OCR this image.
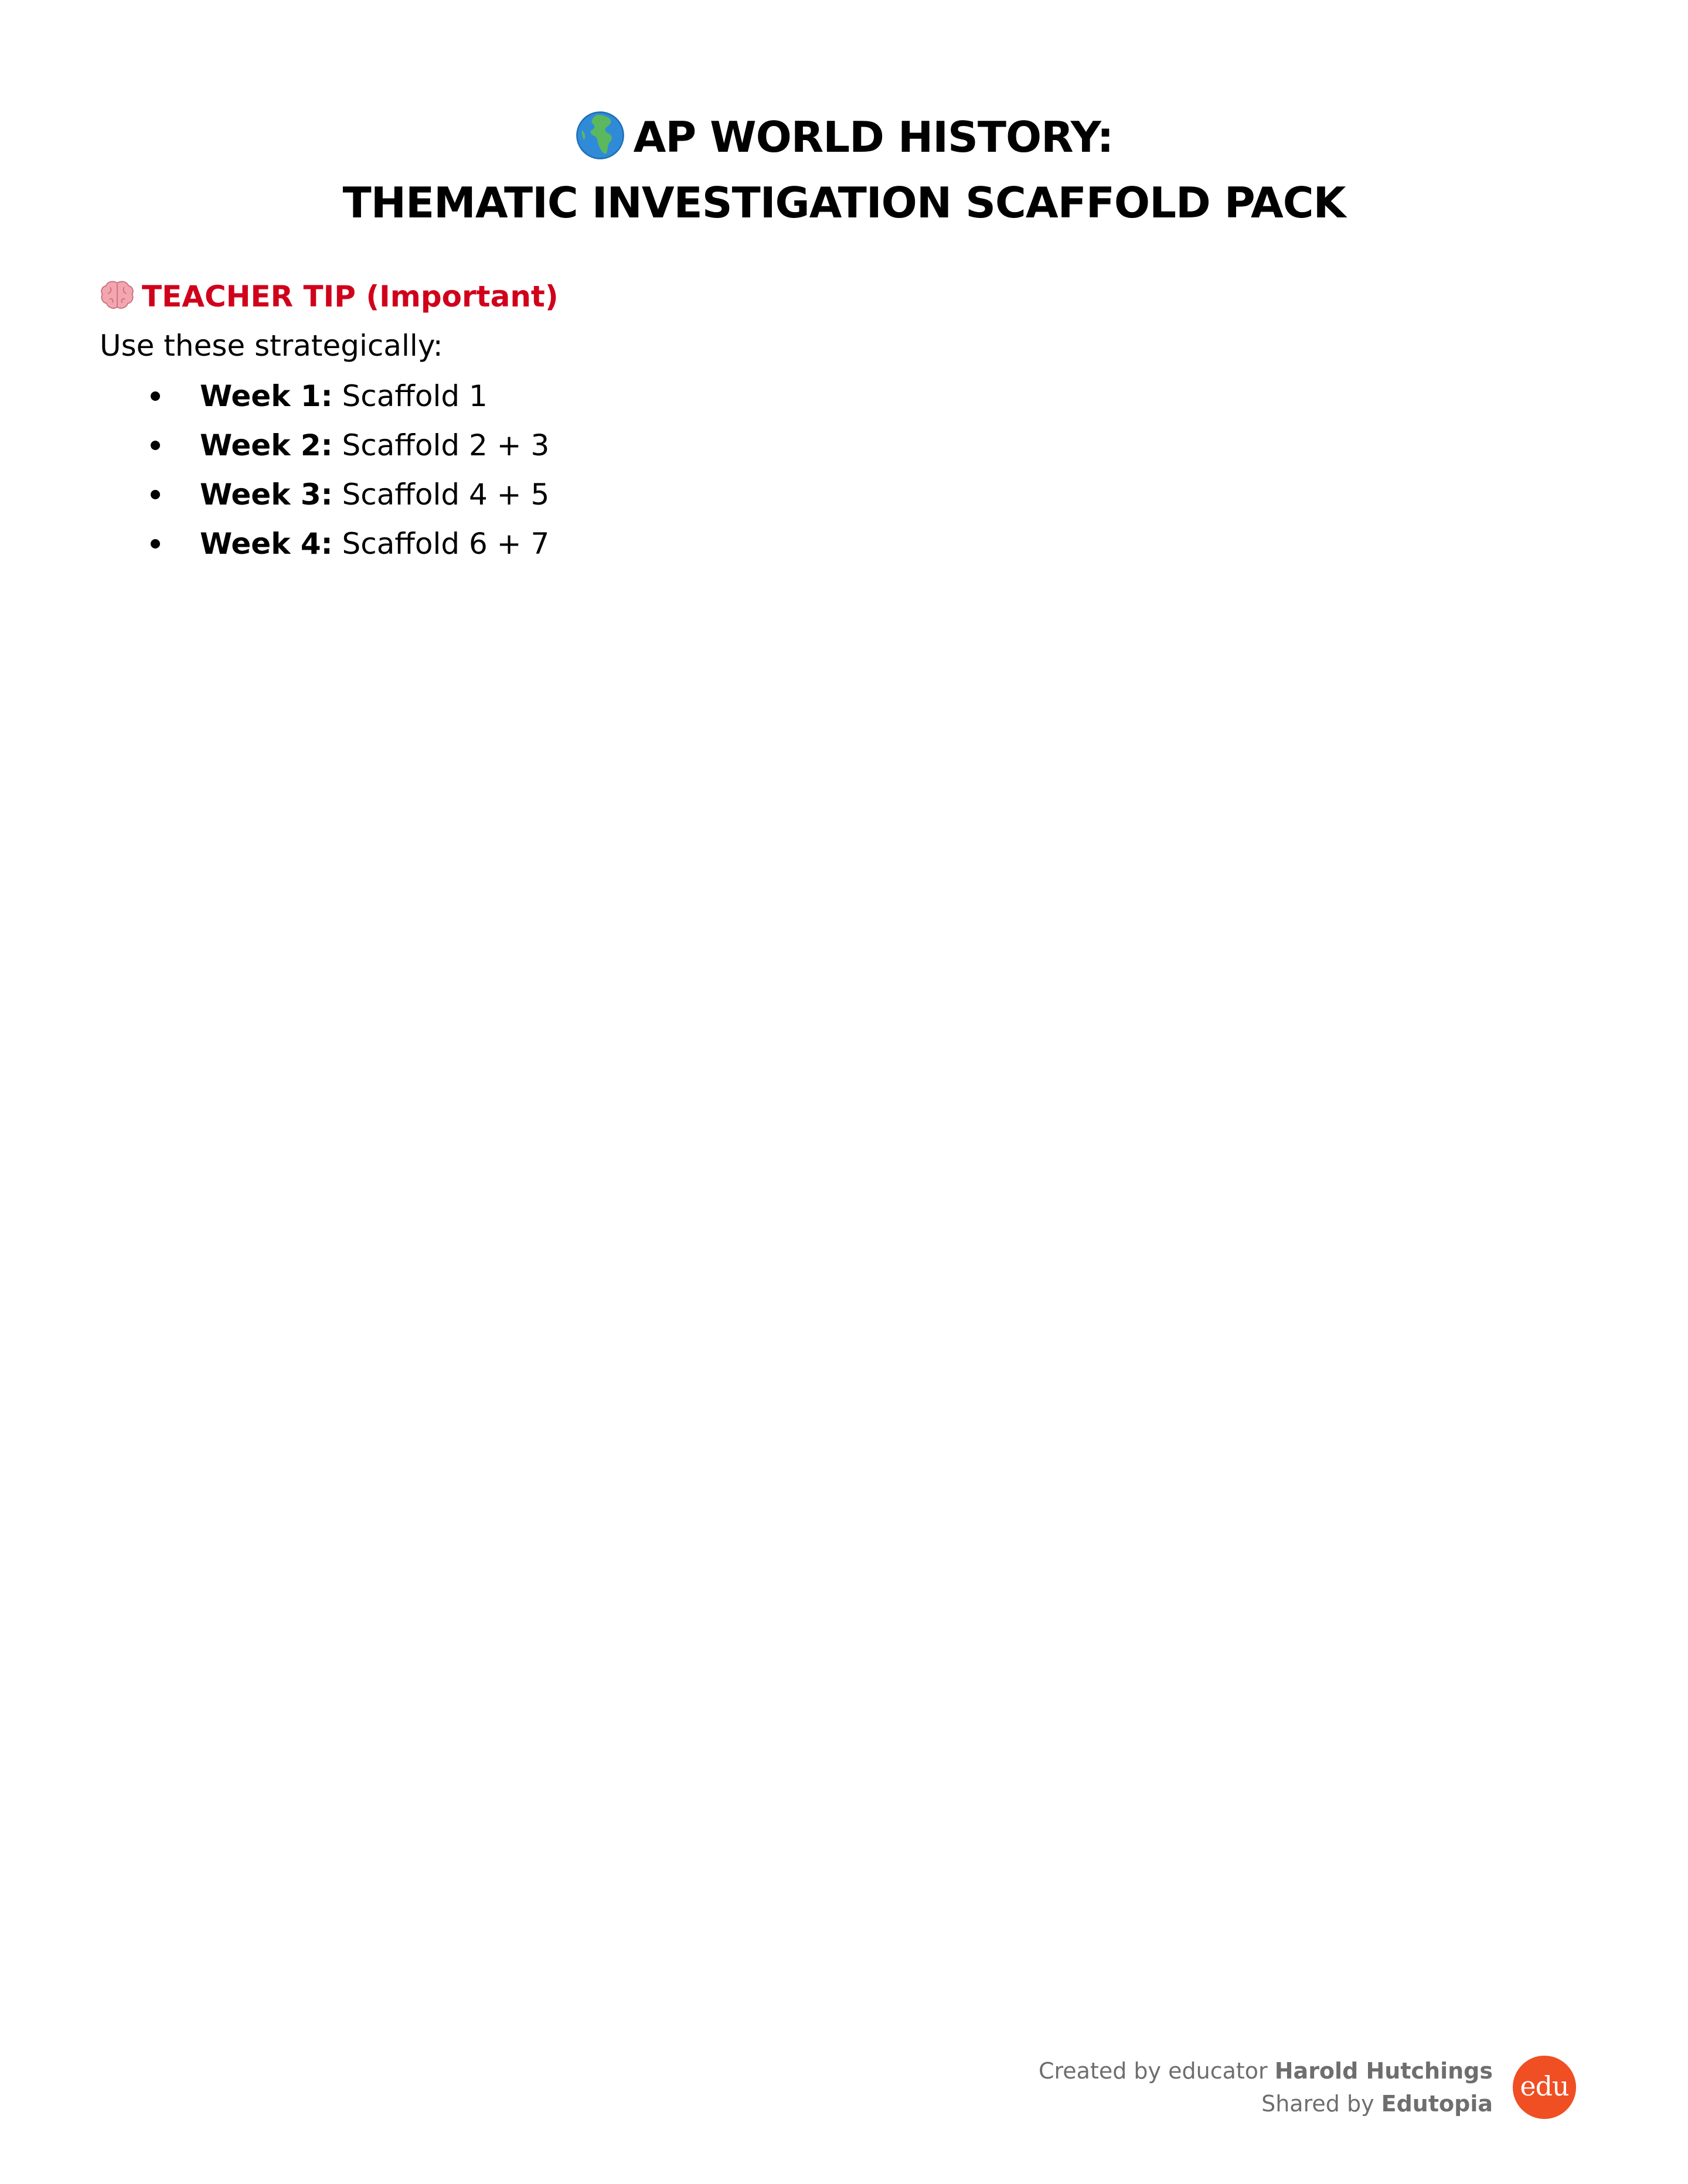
AP WORLD HISTORY:
THEMATIC INVESTIGATION SCAFFOLD PACK
TEACHER TIP (Important)
Use these strategically:
Week 1: Scaffold 1
Week 2: Scaffold 2 + 3
Week 3: Scaffold 4 + 5
Week 4: Scaffold 6 + 7
Created by educator Harold Hutchings
Shared by Edutopia
edu
